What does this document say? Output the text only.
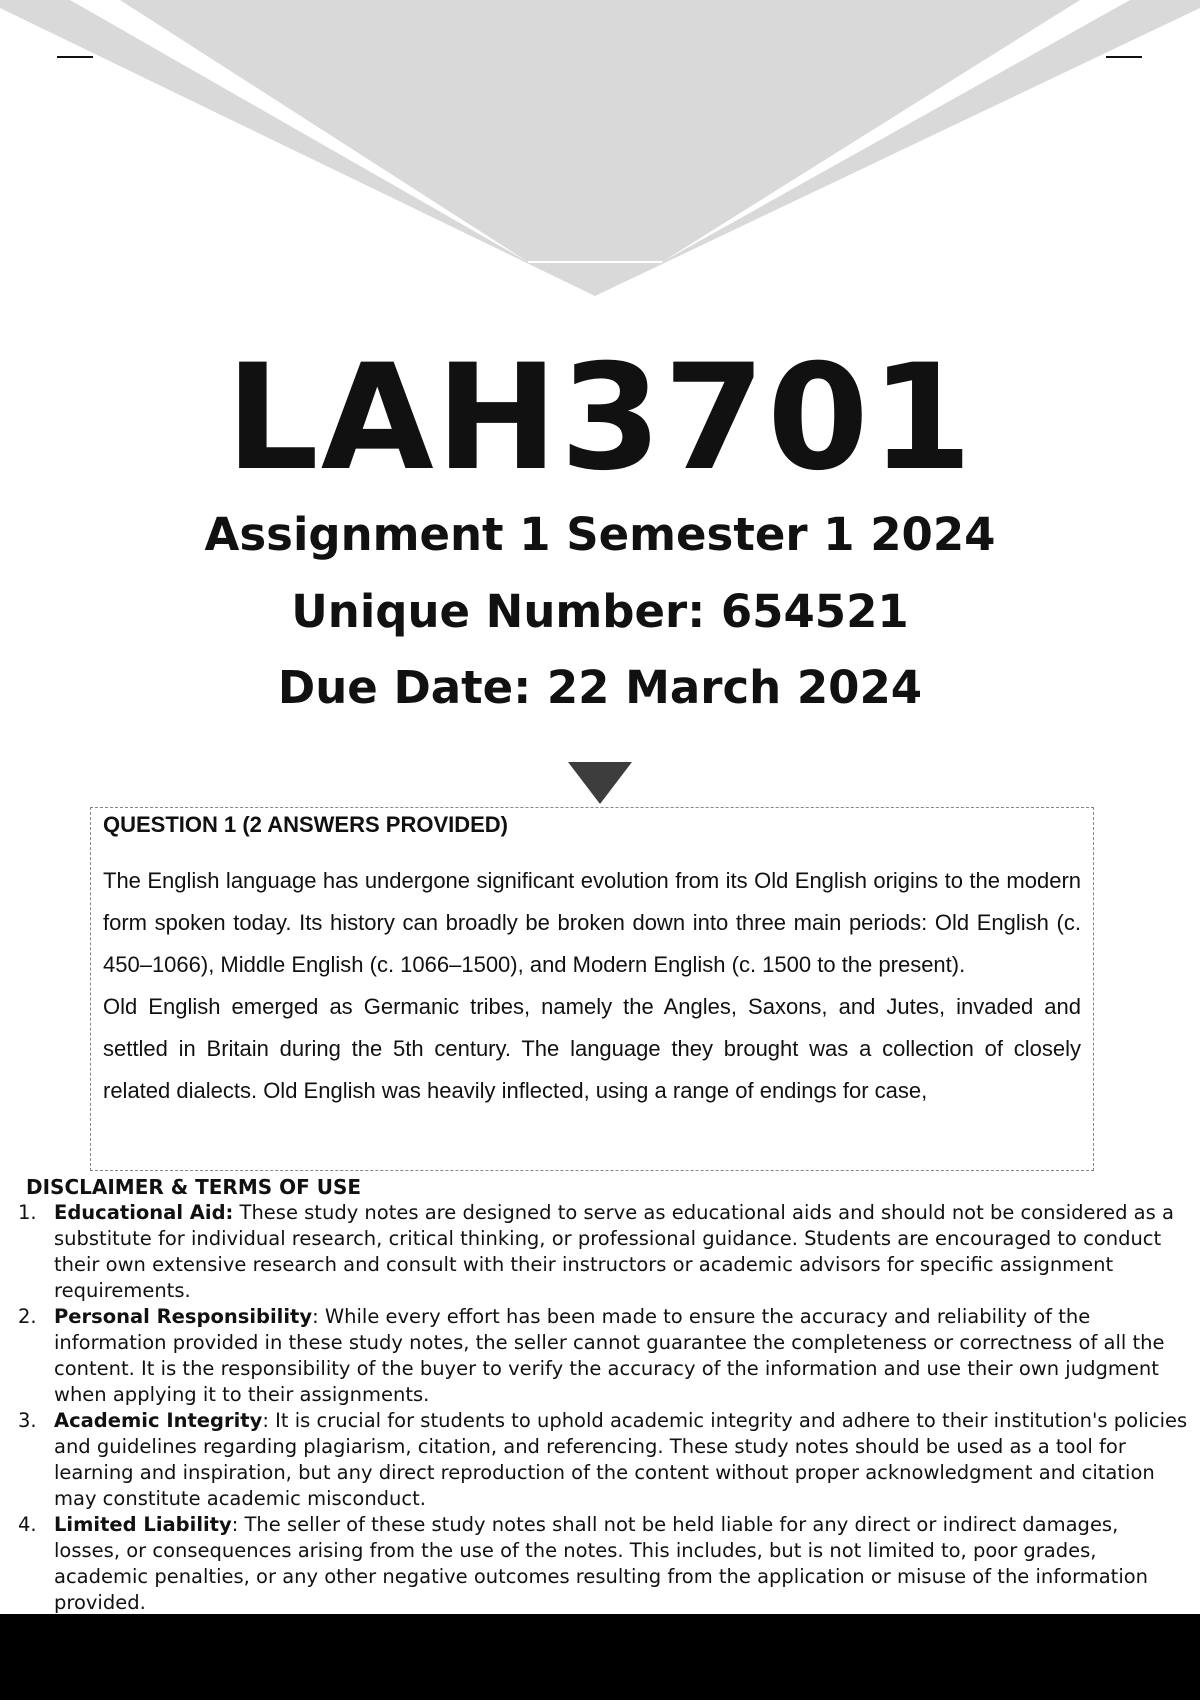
LAH3701
Assignment 1 Semester 1 2024
Unique Number: 654521
Due Date: 22 March 2024

QUESTION 1 (2 ANSWERS PROVIDED)

The English language has undergone significant evolution from its Old English origins to the modern form spoken today. Its history can broadly be broken down into three main periods: Old English (c. 450–1066), Middle English (c. 1066–1500), and Modern English (c. 1500 to the present).

Old English emerged as Germanic tribes, namely the Angles, Saxons, and Jutes, invaded and settled in Britain during the 5th century. The language they brought was a collection of closely related dialects. Old English was heavily inflected, using a range of endings for case,

DISCLAIMER & TERMS OF USE

1. Educational Aid: These study notes are designed to serve as educational aids and should not be considered as a substitute for individual research, critical thinking, or professional guidance. Students are encouraged to conduct their own extensive research and consult with their instructors or academic advisors for specific assignment requirements.
2. Personal Responsibility: While every effort has been made to ensure the accuracy and reliability of the information provided in these study notes, the seller cannot guarantee the completeness or correctness of all the content. It is the responsibility of the buyer to verify the accuracy of the information and use their own judgment when applying it to their assignments.
3. Academic Integrity: It is crucial for students to uphold academic integrity and adhere to their institution's policies and guidelines regarding plagiarism, citation, and referencing. These study notes should be used as a tool for learning and inspiration, but any direct reproduction of the content without proper acknowledgment and citation may constitute academic misconduct.
4. Limited Liability: The seller of these study notes shall not be held liable for any direct or indirect damages, losses, or consequences arising from the use of the notes. This includes, but is not limited to, poor grades, academic penalties, or any other negative outcomes resulting from the application or misuse of the information provided.
